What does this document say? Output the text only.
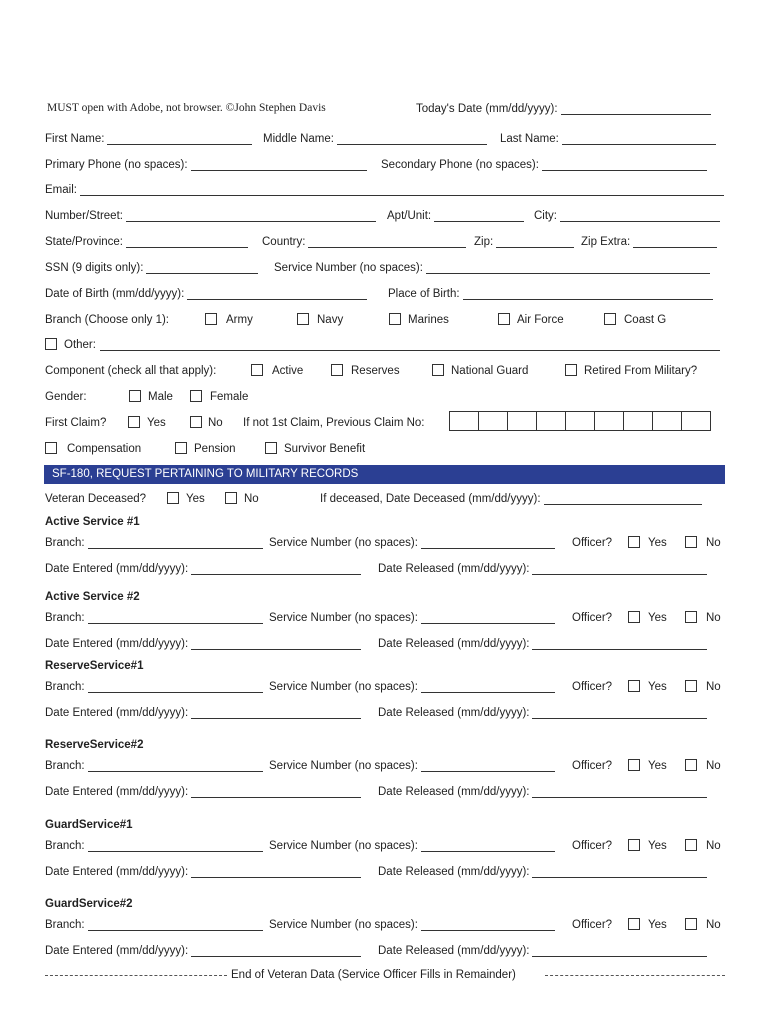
MUST open with Adobe, not browser. ©John Stephen Davis	Today's Date (mm/dd/yyyy):
First Name:	Middle Name:	Last Name:
Primary Phone (no spaces):	Secondary Phone (no spaces):
Email:
Number/Street:	Apt/Unit:	City:
State/Province:	Country:	Zip:	Zip Extra:
SSN (9 digits only):	Service Number (no spaces):
Date of Birth (mm/dd/yyyy):	Place of Birth:
Branch (Choose only 1):	Army	Navy	Marines	Air Force	Coast G
Other:
Component (check all that apply):	Active	Reserves	National Guard	Retired From Military?
Gender:	Male	Female
First Claim?	Yes	No If not 1st Claim, Previous Claim No:
Compensation	Pension	Survivor Benefit
SF-180, REQUEST PERTAINING TO MILITARY RECORDS
Veteran Deceased?	Yes	No	If deceased, Date Deceased (mm/dd/yyyy):
Active Service #1
Branch:	Service Number (no spaces):	Officer?	Yes	No
Date Entered (mm/dd/yyyy):	Date Released (mm/dd/yyyy):
Active Service #2
Branch:	Service Number (no spaces):	Officer?	Yes	No
Date Entered (mm/dd/yyyy):	Date Released (mm/dd/yyyy):
ReserveService#1
Branch:	Service Number (no spaces):	Officer?	Yes	No
Date Entered (mm/dd/yyyy):	Date Released (mm/dd/yyyy):
ReserveService#2
Branch:	Service Number (no spaces):	Officer?	Yes	No
Date Entered (mm/dd/yyyy):	Date Released (mm/dd/yyyy):
GuardService#1
Branch:	Service Number (no spaces):	Officer?	Yes	No
Date Entered (mm/dd/yyyy):	Date Released (mm/dd/yyyy):
GuardService#2
Branch:	Service Number (no spaces):	Officer?	Yes	No
Date Entered (mm/dd/yyyy):	Date Released (mm/dd/yyyy):
End of Veteran Data (Service Officer Fills in Remainder)
